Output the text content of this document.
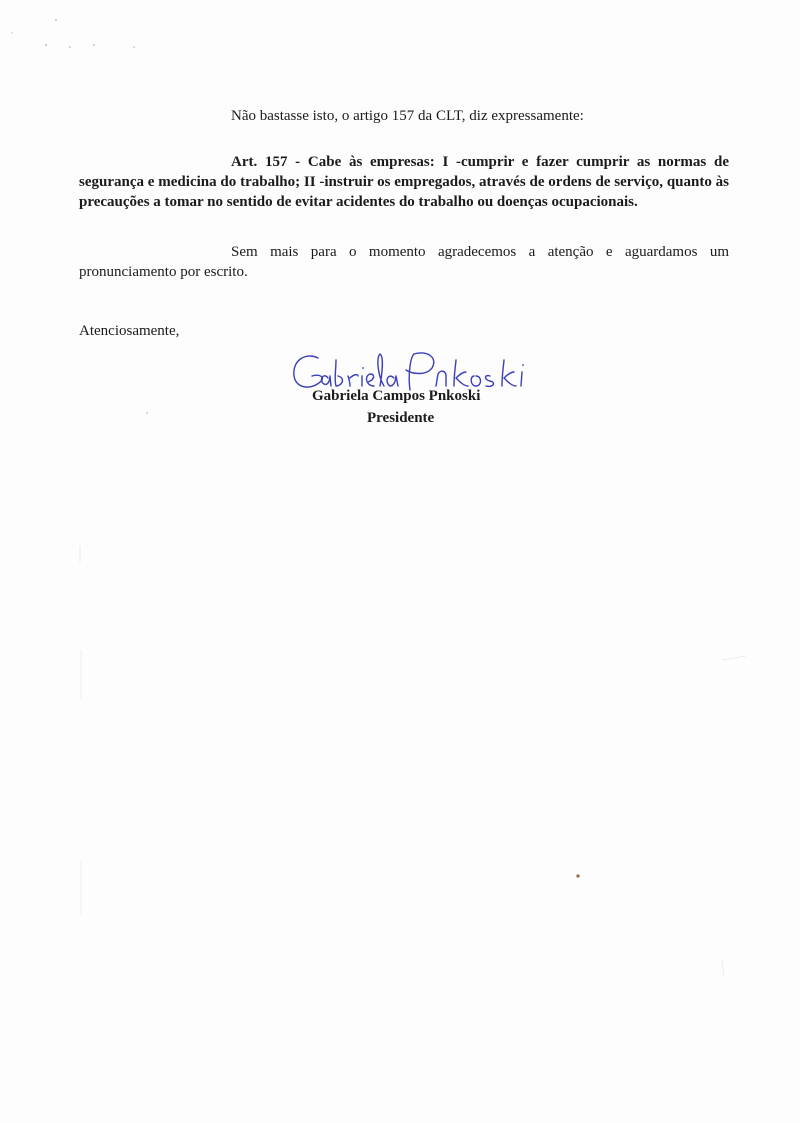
Não bastasse isto, o artigo 157 da CLT, diz expressamente:

Art. 157 - Cabe às empresas: I -cumprir e fazer cumprir as normas de segurança e medicina do trabalho; II -instruir os empregados, através de ordens de serviço, quanto às precauções a tomar no sentido de evitar acidentes do trabalho ou doenças ocupacionais.

Sem mais para o momento agradecemos a atenção e aguardamos um pronunciamento por escrito.

Atenciosamente,

Gabriela Campos Pnkoski

Presidente
